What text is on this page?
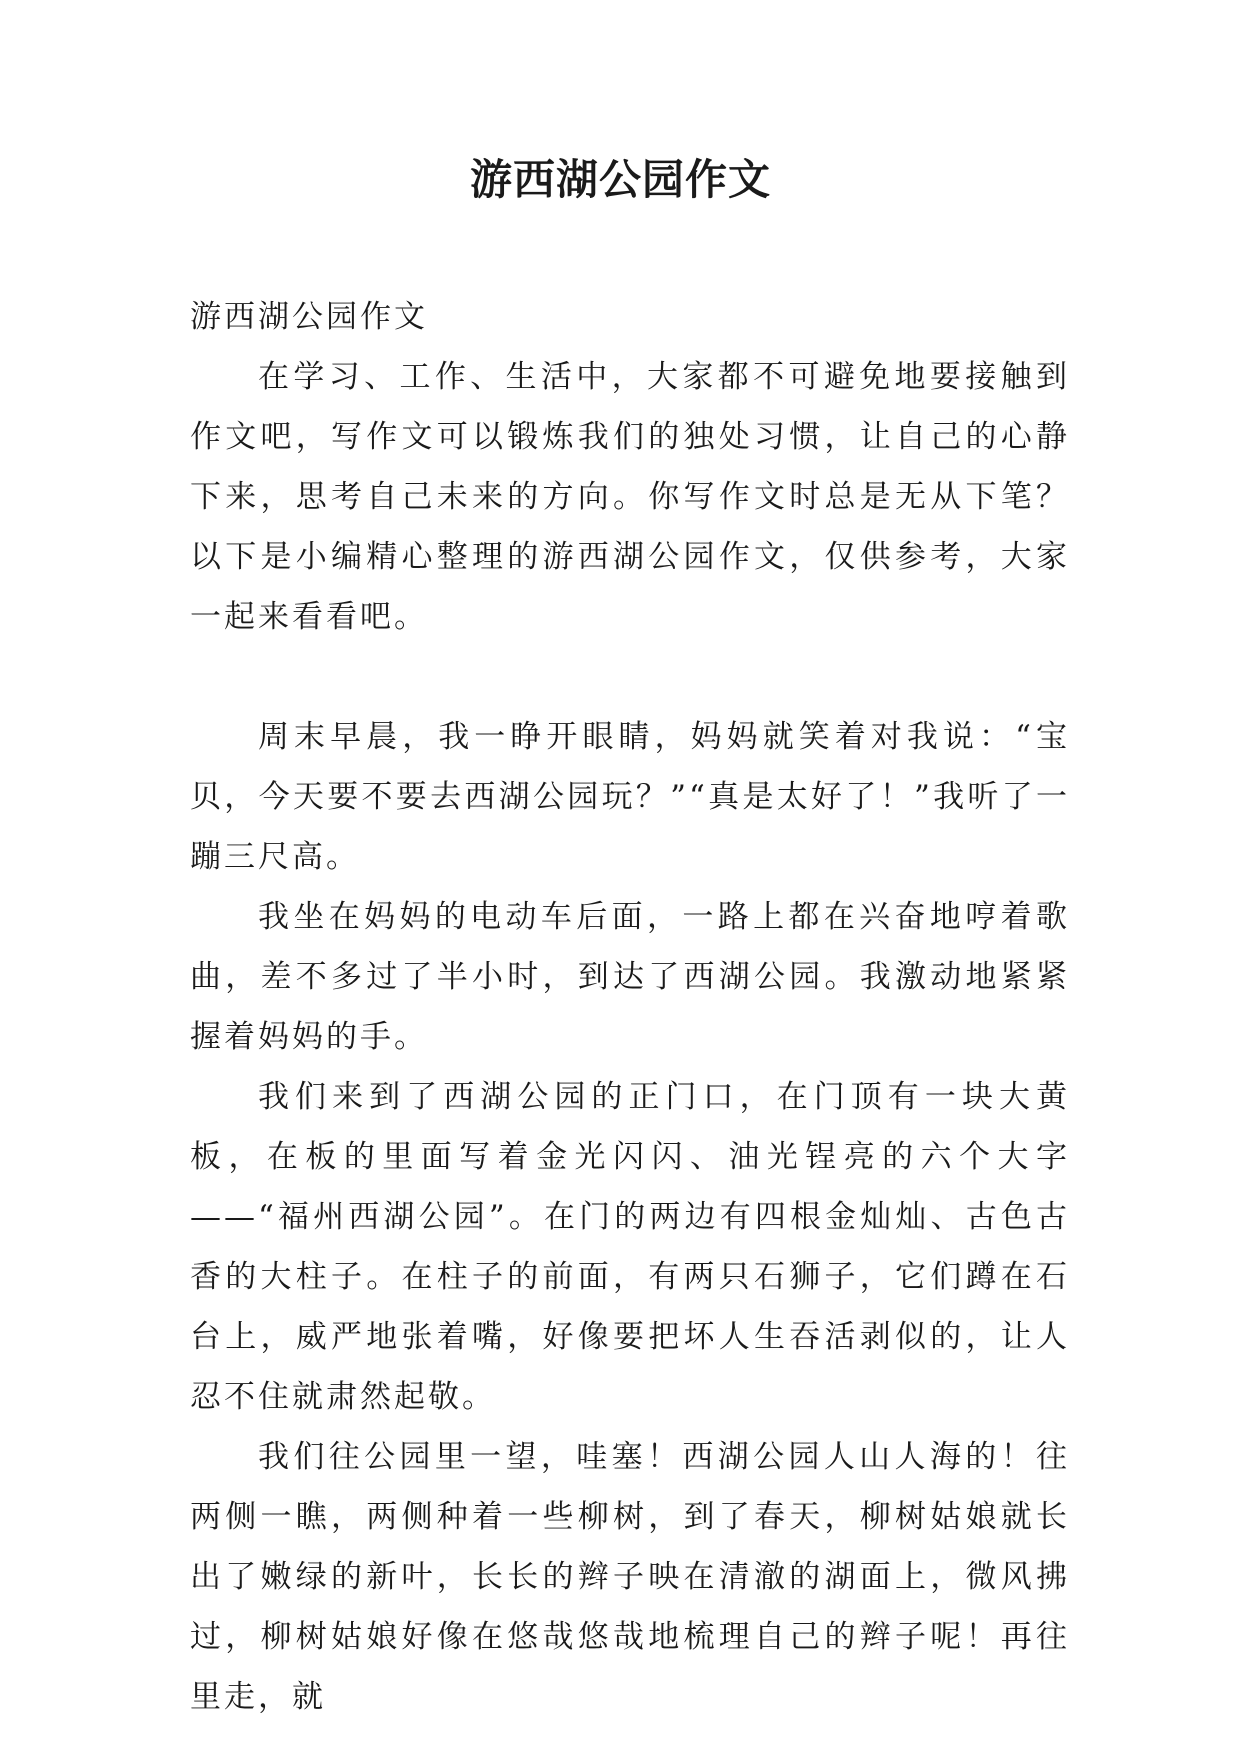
游西湖公园作文

游西湖公园作文

在学习、工作、生活中，大家都不可避免地要接触到作文吧，写作文可以锻炼我们的独处习惯，让自己的心静下来，思考自己未来的方向。你写作文时总是无从下笔？以下是小编精心整理的游西湖公园作文，仅供参考，大家一起来看看吧。

周末早晨，我一睁开眼睛，妈妈就笑着对我说：“宝贝，今天要不要去西湖公园玩？”“真是太好了！”我听了一蹦三尺高。

我坐在妈妈的电动车后面，一路上都在兴奋地哼着歌曲，差不多过了半小时，到达了西湖公园。我激动地紧紧握着妈妈的手。

我们来到了西湖公园的正门口，在门顶有一块大黄板，在板的里面写着金光闪闪、油光锃亮的六个大字——“福州西湖公园”。在门的两边有四根金灿灿、古色古香的大柱子。在柱子的前面，有两只石狮子，它们蹲在石台上，威严地张着嘴，好像要把坏人生吞活剥似的，让人忍不住就肃然起敬。

我们往公园里一望，哇塞！西湖公园人山人海的！往两侧一瞧，两侧种着一些柳树，到了春天，柳树姑娘就长出了嫩绿的新叶，长长的辫子映在清澈的湖面上，微风拂过，柳树姑娘好像在悠哉悠哉地梳理自己的辫子呢！再往里走，就
